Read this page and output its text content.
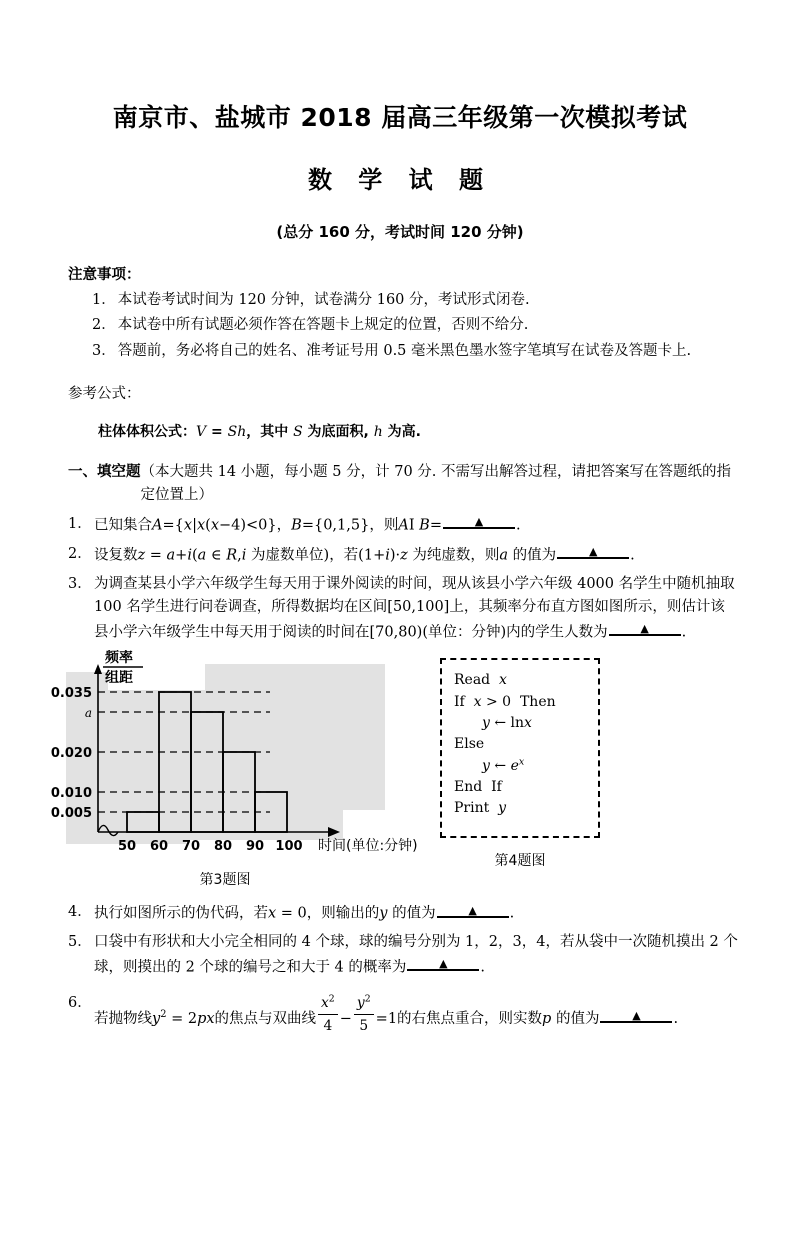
南京市、盐城市 2018 届高三年级第一次模拟考试
数 学 试 题
(总分 160 分，考试时间 120 分钟)
注意事项：
1． 本试卷考试时间为 120 分钟，试卷满分 160 分，考试形式闭卷.
2． 本试卷中所有试题必须作答在答题卡上规定的位置，否则不给分.
3． 答题前，务必将自己的姓名、准考证号用 0.5 毫米黑色墨水签字笔填写在试卷及答题卡上.
参考公式：
柱体体积公式：V = Sh，其中 S 为底面积, h 为高.
一、填空题 （本大题共 14 小题，每小题 5 分，计 70 分. 不需写出解答过程，请把答案写在答题纸的指定位置上）
1． 已知集合A={x|x(x−4)<0}，B={0,1,5}，则AI B= ▲	.
2． 设复数z = a+i(a ∈ R,i 为虚数单位)，若(1+i)·z 为纯虚数，则a 的值为 ▲	.
3． 为调查某县小学六年级学生每天用于课外阅读的时间，现从该县小学六年级 4000 名学生中随机抽取 100 名学生进行问卷调查，所得数据均在区间[50,100]上，其频率分布直方图如图所示，则估计该县小学六年级学生中每天用于阅读的时间在[70,80)(单位：分钟)内的学生人数为 ▲	.
0.035
a
0.020
0.010
0.005
50 60 70 80 90 100 时间(单位:分钟)
频率
组距
第3题图
Read  x
If  x > 0  Then
y ← lnx
Else
y ← $e^x$
End  If
Print  y
第4题图
4． 执行如图所示的伪代码，若x = 0，则输出的y 的值为 ▲	.
5． 口袋中有形状和大小完全相同的 4 个球，球的编号分别为 1，2，3，4，若从袋中一次随机摸出 2 个球，则摸出的 2 个球的编号之和大于 4 的概率为 ▲	.
6．
若抛物线$y^2 = 2px$的焦点与双曲线 $\frac{x^2}{4} - \frac{y^2}{5} =1$的右焦点重合，则实数p 的值为 ▲	.
